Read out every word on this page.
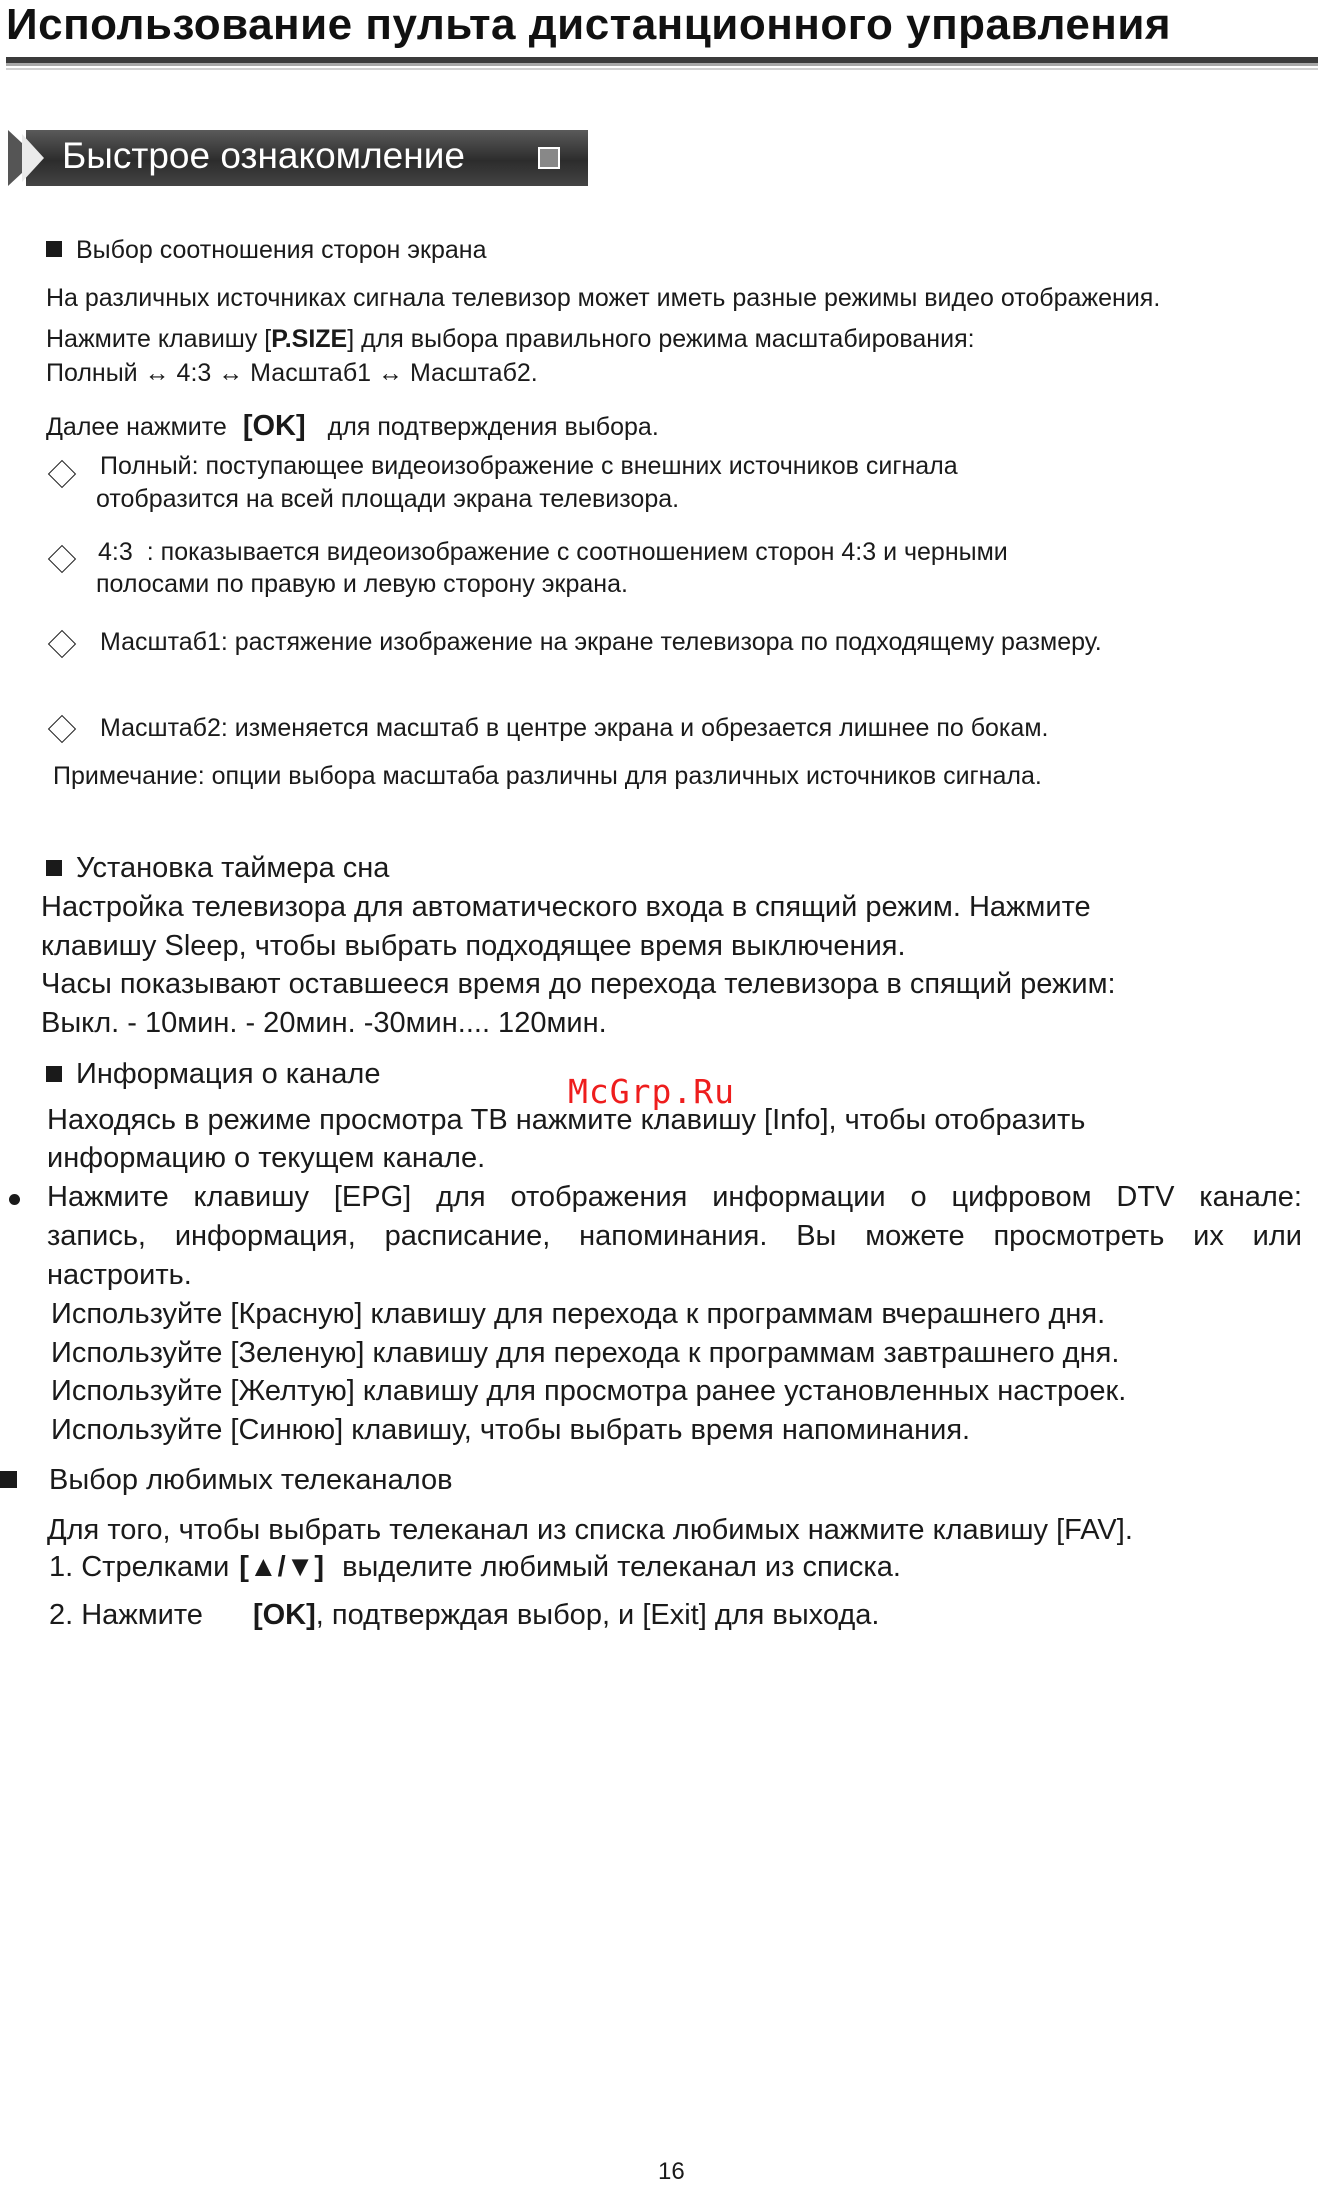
Использование пульта дистанционного управления
Быстрое ознакомление
Выбор соотношения сторон экрана
На различных источниках сигнала телевизор может иметь разные режимы видео отображения.
Нажмите клавишу [P.SIZE] для выбора правильного режима масштабирования:
Полный ↔ 4:3 ↔ Масштаб1 ↔ Масштаб2.
Далее нажмите [OK] для подтверждения выбора.
Полный: поступающее видеоизображение с внешних источников сигнала
отобразится на всей площади экрана телевизора.
4:3 : показывается видеоизображение с соотношением сторон 4:3 и черными
полосами по правую и левую сторону экрана.
Масштаб1: растяжение изображение на экране телевизора по подходящему размеру.
Масштаб2: изменяется масштаб в центре экрана и обрезается лишнее по бокам.
Примечание: опции выбора масштаба различны для различных источников сигнала.
Установка таймера сна
Настройка телевизора для автоматического входа в спящий режим. Нажмите
клавишу Sleep, чтобы выбрать подходящее время выключения.
Часы показывают оставшееся время до перехода телевизора в спящий режим:
Выкл. - 10мин. - 20мин. -30мин.... 120мин.
Информация о канале	McGrp.Ru
Находясь в режиме просмотра ТВ нажмите клавишу [Info], чтобы отобразить
информацию о текущем канале.
Нажмите клавишу [EPG] для отображения информации о цифровом DTV канале:
запись, информация, расписание, напоминания. Вы можете просмотреть их или
настроить.
Используйте [Красную] клавишу для перехода к программам вчерашнего дня.
Используйте [Зеленую] клавишу для перехода к программам завтрашнего дня.
Используйте [Желтую] клавишу для просмотра ранее установленных настроек.
Используйте [Синюю] клавишу, чтобы выбрать время напоминания.
Выбор любимых телеканалов
Для того, чтобы выбрать телеканал из списка любимых нажмите клавишу [FAV].
1. Стрелками [▲/▼] выделите любимый телеканал из списка.
2. Нажмите [OK], подтверждая выбор, и [Exit] для выхода.
16
